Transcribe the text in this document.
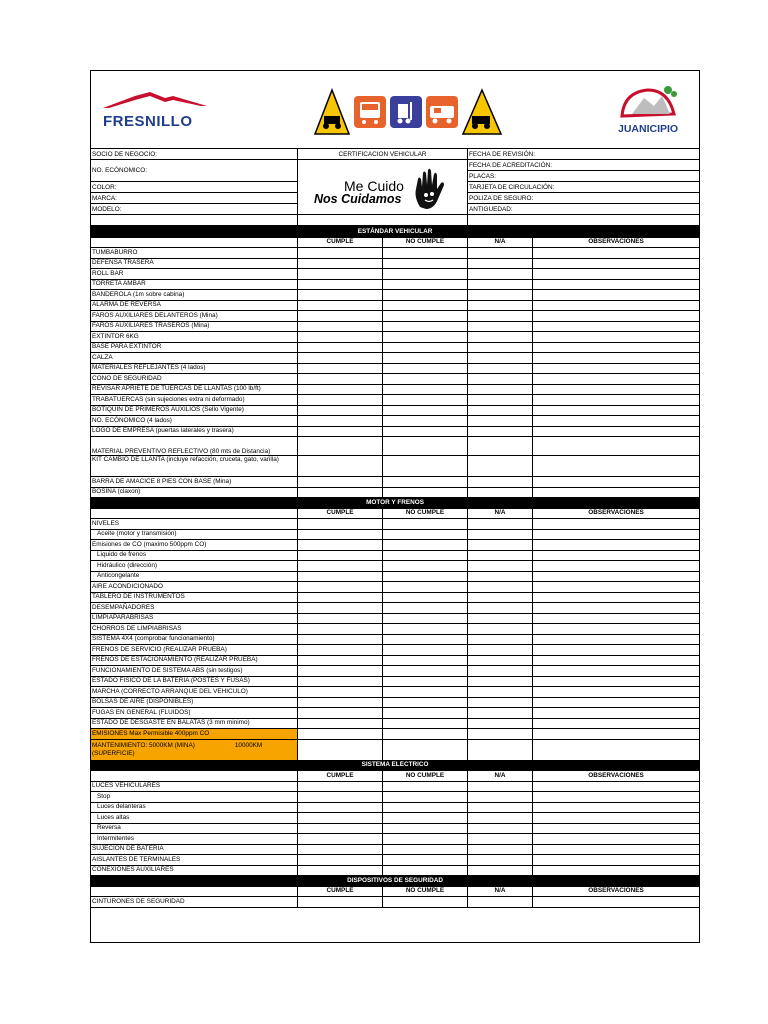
FRESNILLO	JUANICIPIO
SOCIO DE NEGOCIO:	CERTIFICACION VEHICULAR	FECHA DE REVISIÓN:
NO. ECÓNOMICO:		FECHA DE ACREDITACIÓN:
		PLACAS:
COLOR:		TARJETA DE CIRCULACIÓN:
MARCA:		POLIZA DE SEGURO:
MODELO:		ANTIGUEDAD:

Me Cuido
Nos Cuidamos
ESTÁNDAR VEHICULAR				
	CUMPLE	NO CUMPLE	N/A	OBSERVACIONES
TUMBABURRO				
DEFENSA TRASERA				
ROLL BAR				
TORRETA AMBAR				
BANDEROLA (1m sobre cabina)				
ALARMA DE REVERSA				
FAROS AUXILIARES DELANTEROS (Mina)				
FAROS AUXILIARES TRASEROS (Mina)				
EXTINTOR 6KG				
BASE PARA EXTINTOR				
CALZA				
MATERIALES REFLEJANTES (4 lados)				
CONO DE SEGURIDAD				
REVISAR APRIETE DE TUERCAS DE LLANTAS (100 lb/ft)				
TRABATUERCAS (sin sujeciones extra ni deformado)				
BOTIQUIN DE PRIMEROS AUXILIOS (Sello Vigente)				
NO. ECÓNOMICO (4 lados)				
LOGO DE EMPRESA (puertas laterales y trasera)				
MATERIAL PREVENTIVO REFLECTIVO (80 mts de Distancia)				
KIT CAMBIO DE LLANTA (incluye refacción, cruceta, gato, varilla)				
BARRA DE AMACICE 8 PIES CON BASE (Mina)				
BOSINA (claxon)				
MOTOR Y FRENOS				
	CUMPLE	NO CUMPLE	N/A	OBSERVACIONES
NIVELES				
Aceite (motor y transmisión)				
Emisiones de CO (maximo 500ppm CO)				
Liquido de frenos				
Hidráulico (dirección)				
Anticongelante				
AIRE ACONDICIONADO				
TABLERO DE INSTRUMENTOS				
DESEMPAÑADORES				
LIMPIAPARABRISAS				
CHORROS DE LIMPIABRISAS				
SISTEMA 4X4 (comprobar funcionamiento)				
FRENOS DE SERVICIO (REALIZAR PRUEBA)				
FRENOS DE ESTACIONAMIENTO (REALIZAR PRUEBA)				
FUNCIONAMIENTO DE SISTEMA ABS (sin testigos)				
ESTADO FISICO DE LA BATERIA (POSTES Y FUSAS)				
MARCHA (CORRECTO ARRANQUE DEL VEHICULO)				
BOLSAS DE AIRE (DISPONIBLES)				
FUGAS EN GENERAL (FLUIDOS)				
ESTADO DE DESGASTE EN BALATAS (3 mm minimo)				
EMISIONES Max Permisible 400ppm CO				
MANTENIMIENTO: 5000KM (MINA) 10000KM
(SUPERFICIE)				
SISTEMA ELÉCTRICO				
	CUMPLE	NO CUMPLE	N/A	OBSERVACIONES
LUCES VEHICULARES				
Stop				
Luces delanteras				
Luces altas				
Reversa				
Intermitentes				
SUJECION DE BATERIA				
AISLANTES DE TERMINALES				
CONEXIONES AUXILIARES				
DISPOSITIVOS DE SEGURIDAD				
	CUMPLE	NO CUMPLE	N/A	OBSERVACIONES
CINTURONES DE SEGURIDAD				
